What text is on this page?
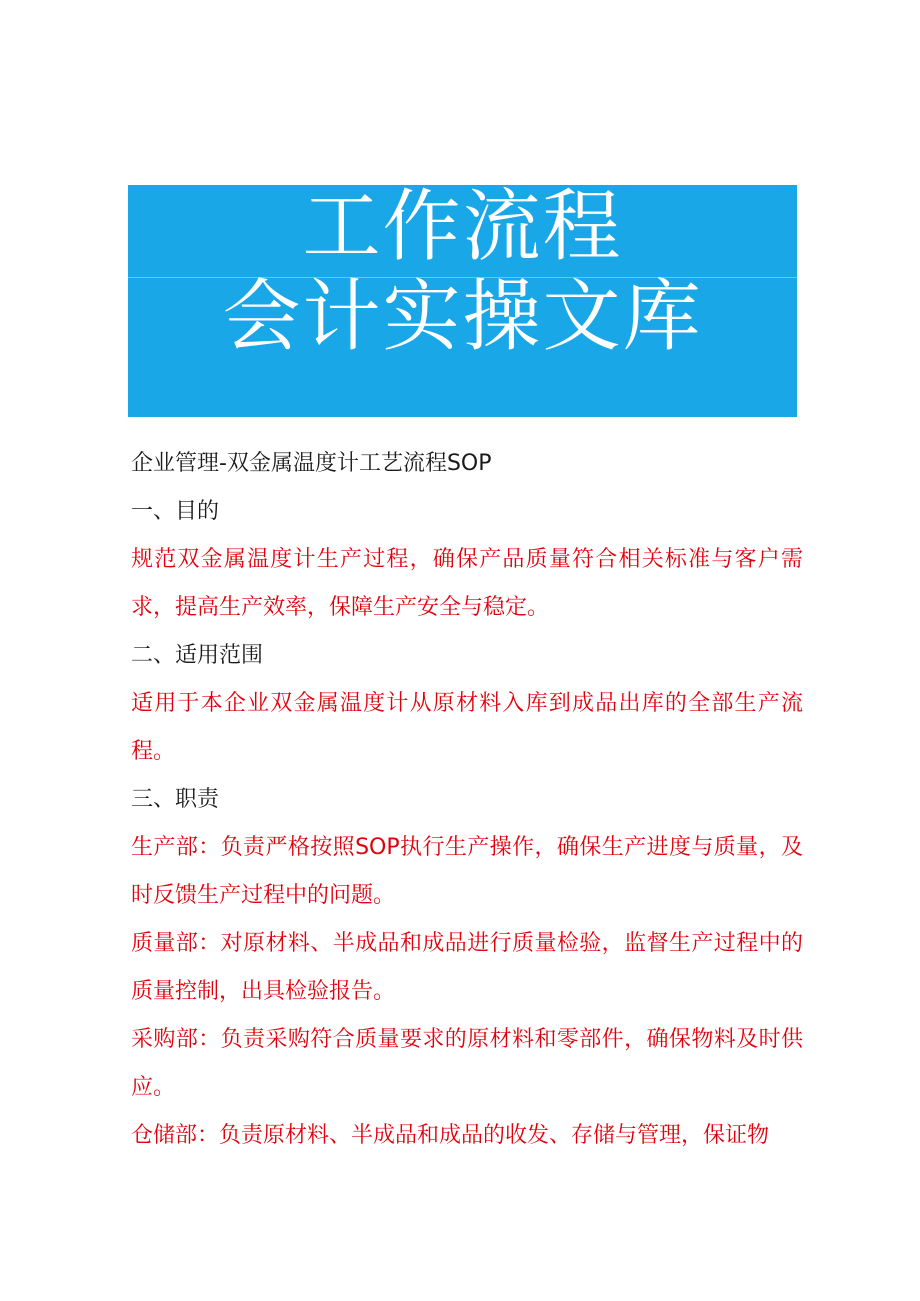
工作流程
会计实操文库

企业管理-双金属温度计工艺流程SOP

一、目的

规范双金属温度计生产过程，确保产品质量符合相关标准与客户需求，提高生产效率，保障生产安全与稳定。

二、适用范围

适用于本企业双金属温度计从原材料入库到成品出库的全部生产流程。

三、职责

生产部：负责严格按照SOP执行生产操作，确保生产进度与质量，及时反馈生产过程中的问题。

质量部：对原材料、半成品和成品进行质量检验，监督生产过程中的质量控制，出具检验报告。

采购部：负责采购符合质量要求的原材料和零部件，确保物料及时供应。

仓储部：负责原材料、半成品和成品的收发、存储与管理，保证物
